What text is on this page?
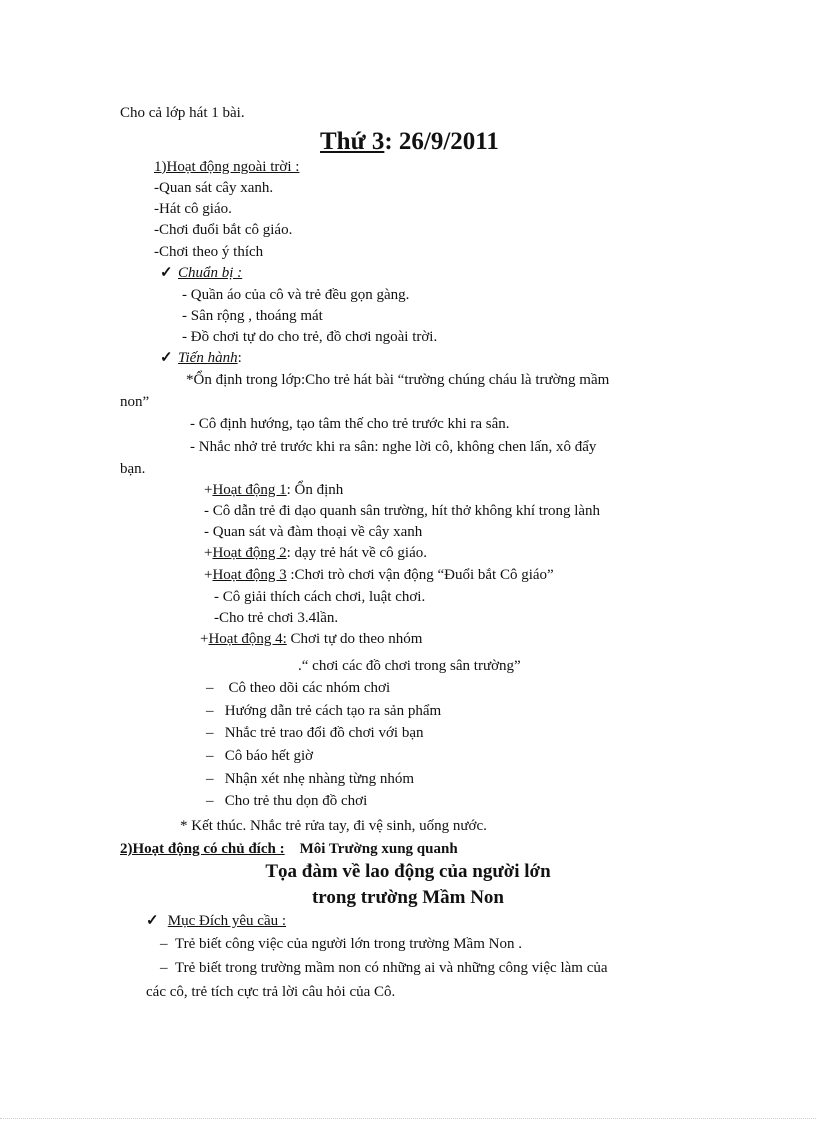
Cho cả lớp hát 1 bài.
Thứ 3: 26/9/2011
1)Hoạt động ngoài trời :
-Quan sát cây xanh.
-Hát cô giáo.
-Chơi đuổi bắt cô giáo.
-Chơi theo ý thích
✓ Chuẩn bị :
- Quần áo của cô và trẻ đều gọn gàng.
- Sân rộng , thoáng mát
- Đồ chơi tự do cho trẻ, đồ chơi ngoài trời.
✓ Tiến hành:
*Ổn định trong lớp:Cho trẻ hát bài “trường chúng cháu là trường mầm
non”
- Cô định hướng, tạo tâm thế cho trẻ trước khi ra sân.
- Nhắc nhở trẻ trước khi ra sân: nghe lời cô, không chen lấn, xô đẩy
bạn.
+Hoạt động 1: Ổn định
- Cô dẫn trẻ đi dạo quanh sân trường, hít thở không khí trong lành
- Quan sát và đàm thoại về cây xanh
+Hoạt động 2: dạy trẻ hát về cô giáo.
+Hoạt động 3 :Chơi trò chơi vận động “Đuổi bắt Cô giáo”
- Cô giải thích cách chơi, luật chơi.
-Cho trẻ chơi 3.4lần.
+Hoạt động 4: Chơi tự do theo nhóm
.“ chơi các đồ chơi trong sân trường”
–    Cô theo dõi các nhóm chơi
–   Hướng dẫn trẻ cách tạo ra sản phẩm
–   Nhắc trẻ trao đổi đồ chơi với bạn
–   Cô báo hết giờ
–   Nhận xét nhẹ nhàng từng nhóm
–   Cho trẻ thu dọn đồ chơi
* Kết thúc. Nhắc trẻ rửa tay, đi vệ sinh, uống nước.
2)Hoạt động có chủ đích : Môi Trường xung quanh
Tọa đàm về lao động của người lớn
trong trường Mầm Non
✓ Mục Đích yêu cầu :
–  Trẻ biết công việc của người lớn trong trường Mầm Non .
–  Trẻ biết trong trường mầm non có những ai và những công việc làm của
các cô, trẻ tích cực trả lời câu hỏi của Cô.
